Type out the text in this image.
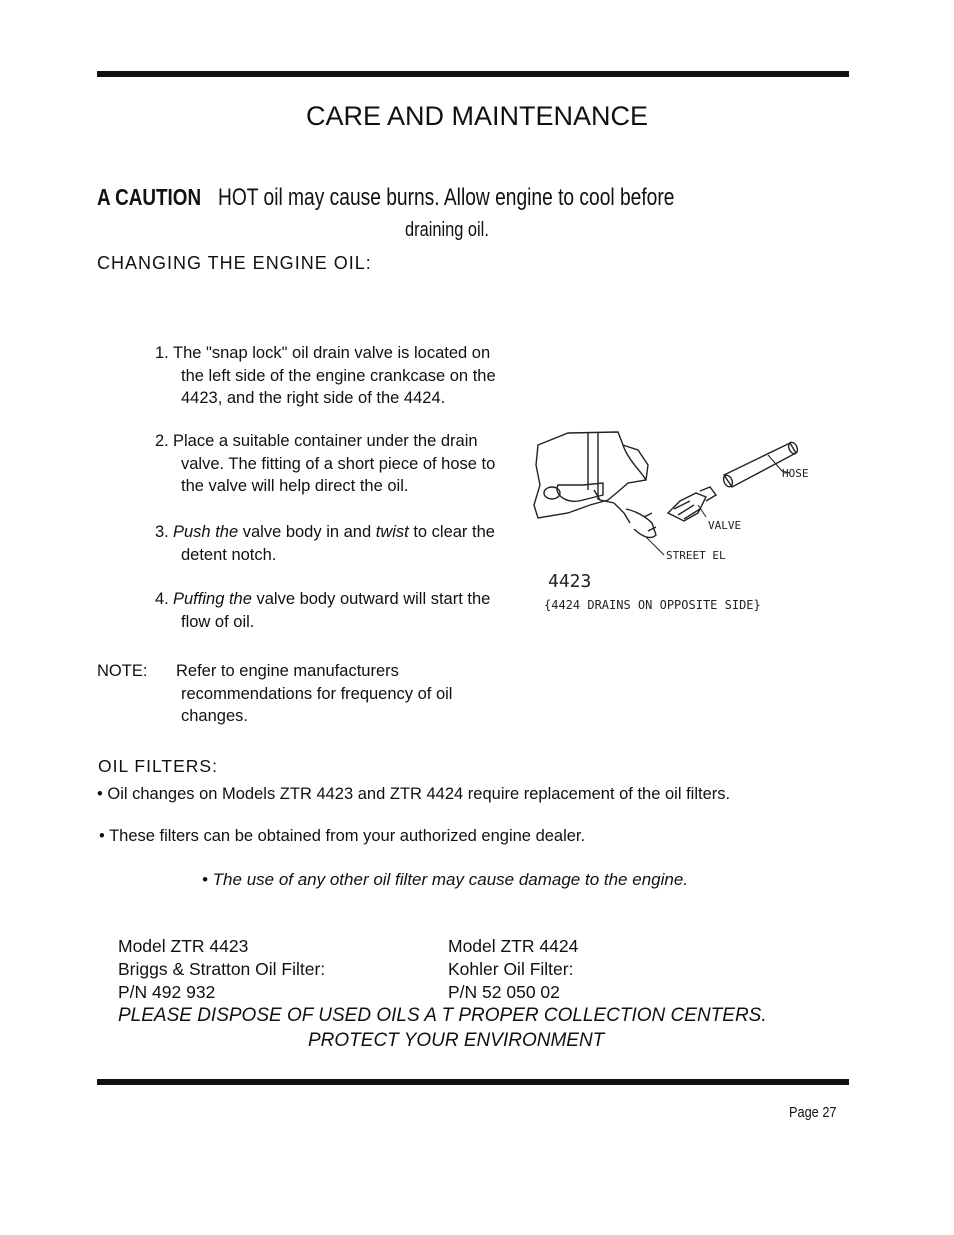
CARE AND MAINTENANCE
A CAUTION HOT oil may cause burns. Allow engine to cool before
draining oil.
CHANGING THE ENGINE OIL:
1. The "snap lock" oil drain valve is located on
the left side of the engine crankcase on the
4423, and the right side of the 4424.
2. Place a suitable container under the drain
valve. The fitting of a short piece of hose to
the valve will help direct the oil.
3. Push the valve body in and twist to clear the
detent notch.
4. Puffing the valve body outward will start the
flow of oil.
NOTE: Refer to engine manufacturers
recommendations for frequency of oil
changes.
HOSE
VALVE
STREET EL
4423
{4424 DRAINS ON OPPOSITE SIDE}
OIL FILTERS:
• Oil changes on Models ZTR 4423 and ZTR 4424 require replacement of the oil filters.
• These filters can be obtained from your authorized engine dealer.
• The use of any other oil filter may cause damage to the engine.
Model ZTR 4423
Briggs & Stratton Oil Filter:
P/N 492 932
Model ZTR 4424
Kohler Oil Filter:
P/N 52 050 02
PLEASE DISPOSE OF USED OILS A T PROPER COLLECTION CENTERS.
PROTECT YOUR ENVIRONMENT
Page 27
